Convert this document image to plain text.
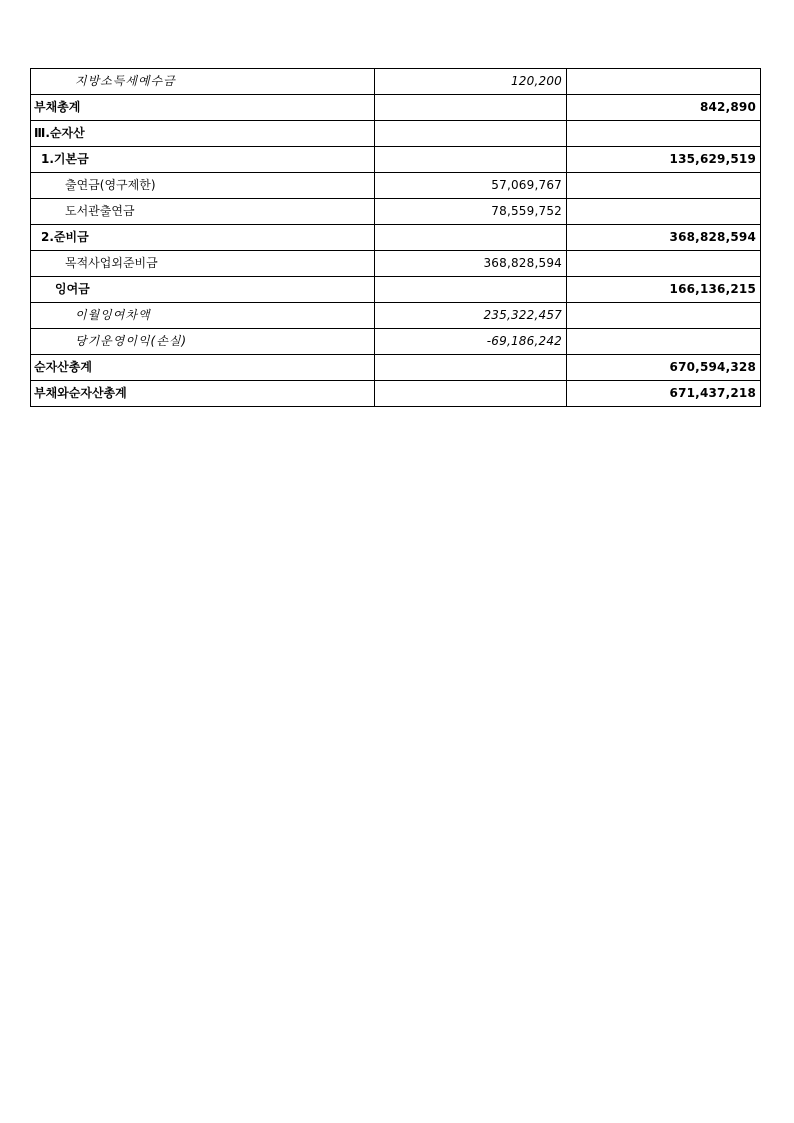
지방소득세예수금	120,200	
부채총계		842,890
Ⅲ.순자산		
1.기본금		135,629,519
출연금(영구제한)	57,069,767	
도서관출연금	78,559,752	
2.준비금		368,828,594
목적사업외준비금	368,828,594	
잉여금		166,136,215
이월잉여차액	235,322,457	
당기운영이익(손실)	-69,186,242	
순자산총계		670,594,328
부채와순자산총계		671,437,218
